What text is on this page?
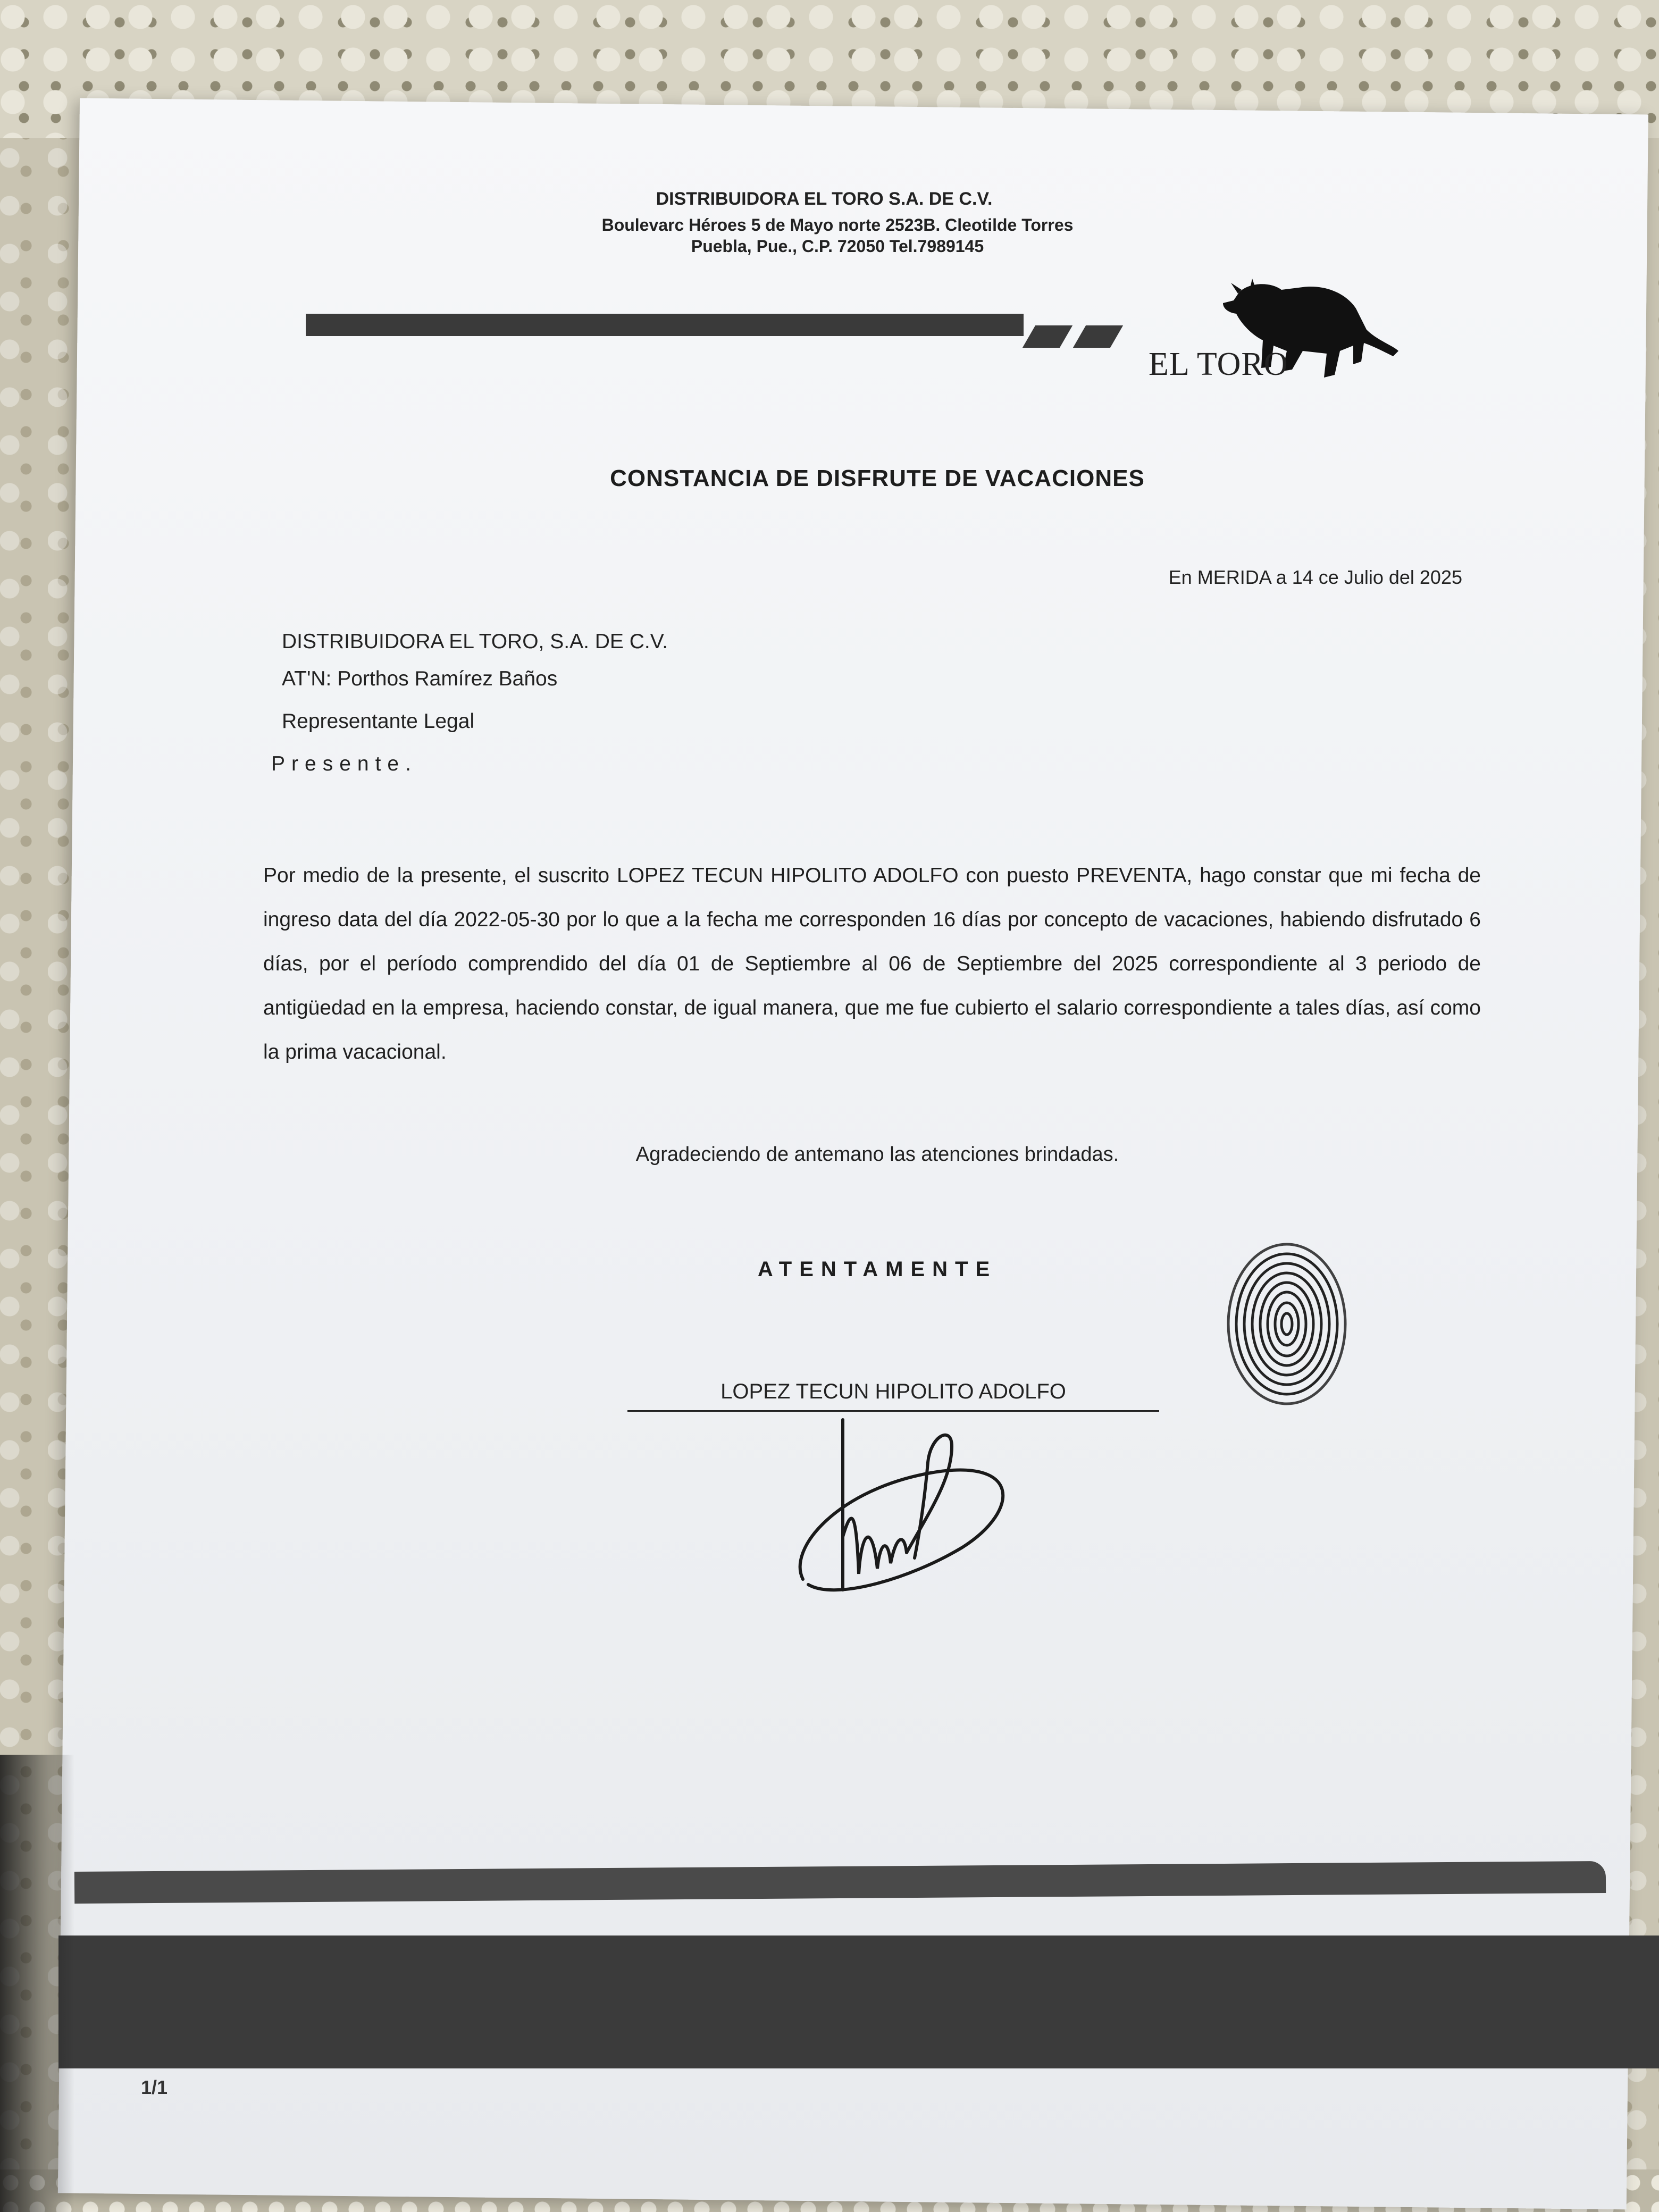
DISTRIBUIDORA EL TORO S.A. DE C.V.
Boulevarc Héroes 5 de Mayo norte 2523B. Cleotilde Torres
Puebla, Pue., C.P. 72050 Tel.7989145
EL TORO
CONSTANCIA DE DISFRUTE DE VACACIONES
En MERIDA a 14 ce Julio del 2025
DISTRIBUIDORA EL TORO, S.A. DE C.V.
AT'N: Porthos Ramírez Baños
Representante Legal
Presente.
Por medio de la presente, el suscrito LOPEZ TECUN HIPOLITO ADOLFO con puesto PREVENTA, hago constar que mi fecha de ingreso data del día 2022-05-30 por lo que a la fecha me corresponden 16 días por concepto de vacaciones, habiendo disfrutado 6 días, por el período comprendido del día 01 de Septiembre al 06 de Septiembre del 2025 correspondiente al 3 periodo de antigüedad en la empresa, haciendo constar, de igual manera, que me fue cubierto el salario correspondiente a tales días, así como la prima vacacional.
Agradeciendo de antemano las atenciones brindadas.
ATENTAMENTE
LOPEZ TECUN HIPOLITO ADOLFO
1/1
